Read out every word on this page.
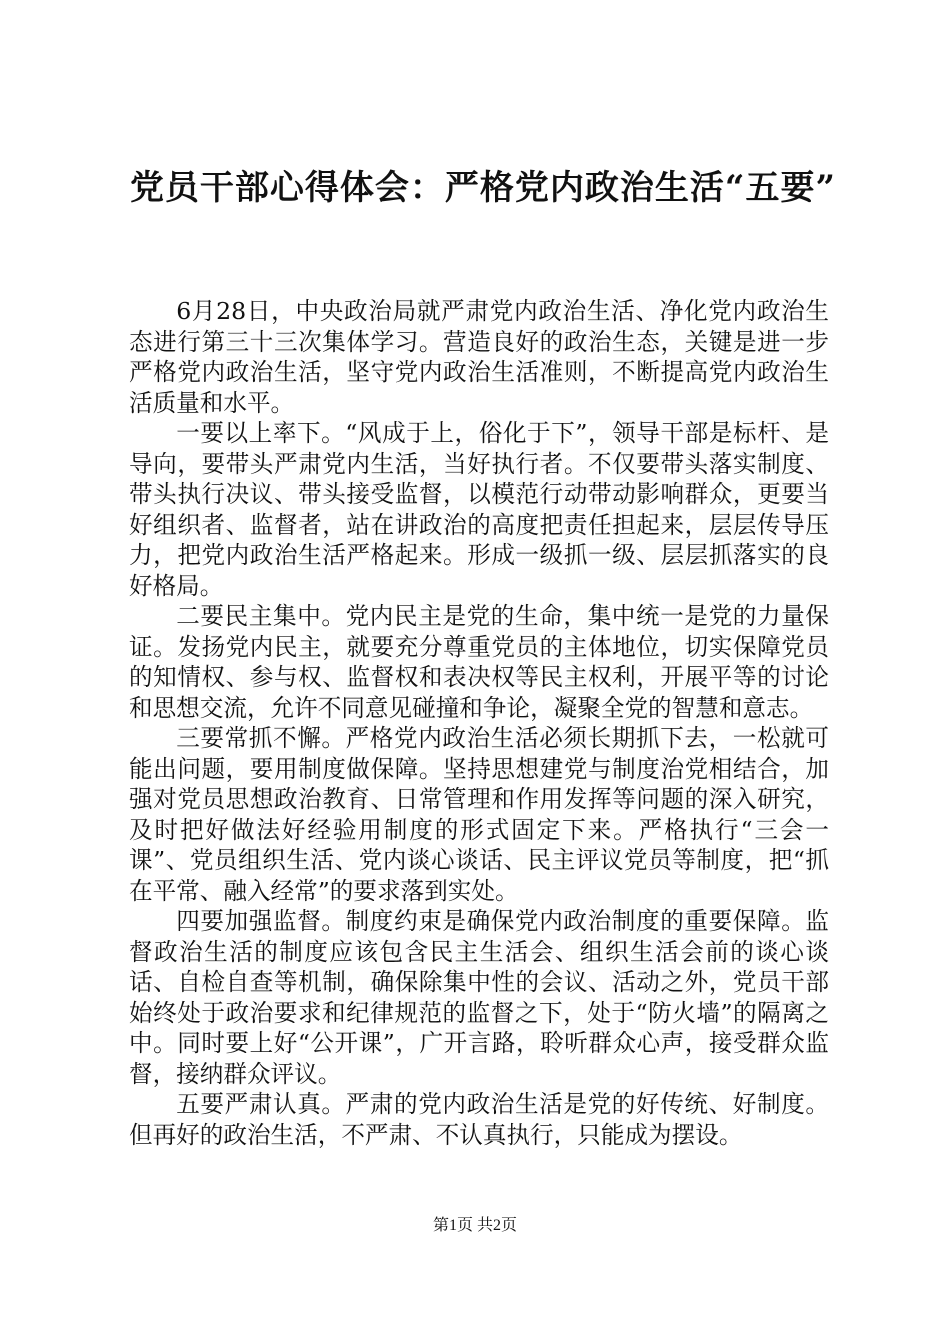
党员干部心得体会：严格党内政治生活“五要”

6月28日，中央政治局就严肃党内政治生活、净化党内政治生态进行第三十三次集体学习。营造良好的政治生态，关键是进一步严格党内政治生活，坚守党内政治生活准则，不断提高党内政治生活质量和水平。

一要以上率下。“风成于上，俗化于下”，领导干部是标杆、是导向，要带头严肃党内生活，当好执行者。不仅要带头落实制度、带头执行决议、带头接受监督，以模范行动带动影响群众，更要当好组织者、监督者，站在讲政治的高度把责任担起来，层层传导压力，把党内政治生活严格起来。形成一级抓一级、层层抓落实的良好格局。

二要民主集中。党内民主是党的生命，集中统一是党的力量保证。发扬党内民主，就要充分尊重党员的主体地位，切实保障党员的知情权、参与权、监督权和表决权等民主权利，开展平等的讨论和思想交流，允许不同意见碰撞和争论，凝聚全党的智慧和意志。

三要常抓不懈。严格党内政治生活必须长期抓下去，一松就可能出问题，要用制度做保障。坚持思想建党与制度治党相结合，加强对党员思想政治教育、日常管理和作用发挥等问题的深入研究，及时把好做法好经验用制度的形式固定下来。严格执行“三会一课”、党员组织生活、党内谈心谈话、民主评议党员等制度，把“抓在平常、融入经常”的要求落到实处。

四要加强监督。制度约束是确保党内政治制度的重要保障。监督政治生活的制度应该包含民主生活会、组织生活会前的谈心谈话、自检自查等机制，确保除集中性的会议、活动之外，党员干部始终处于政治要求和纪律规范的监督之下，处于“防火墙”的隔离之中。同时要上好“公开课”，广开言路，聆听群众心声，接受群众监督，接纳群众评议。

五要严肃认真。严肃的党内政治生活是党的好传统、好制度。但再好的政治生活，不严肃、不认真执行，只能成为摆设。

第1页 共2页
